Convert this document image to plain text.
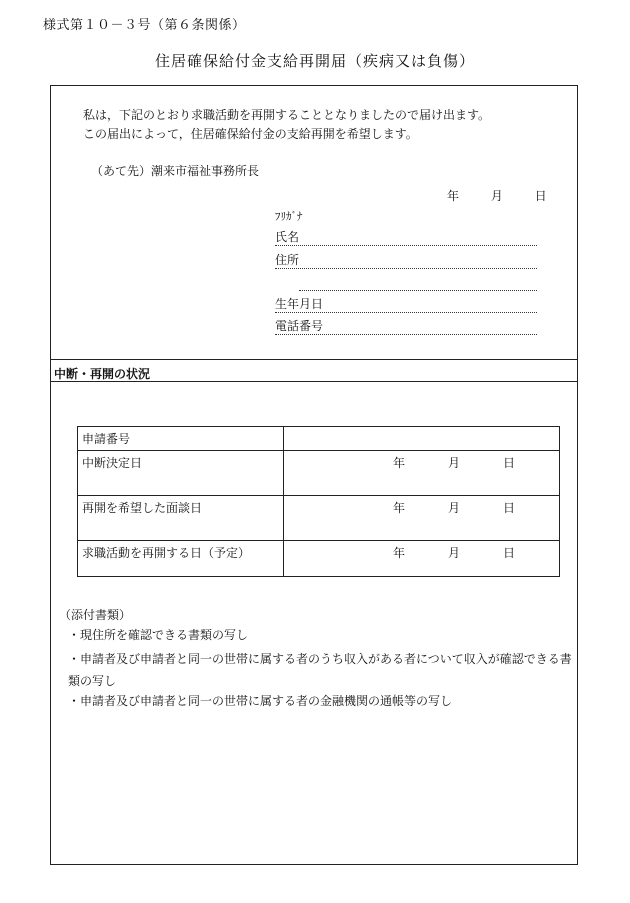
様式第１０－３号（第６条関係）
住居確保給付金支給再開届（疾病又は負傷）
私は，下記のとおり求職活動を再開することとなりましたので届け出ます。
この届出によって，住居確保給付金の支給再開を希望します。
（あて先）潮来市福祉事務所長
年	月	日
ﾌﾘｶﾞﾅ
氏名
住所
生年月日
電話番号
中断・再開の状況
申請番号	
中断決定日	年 月 日

再開を希望した面談日	年 月 日

求職活動を再開する日（予定）	年 月 日
（添付書類）
・現住所を確認できる書類の写し
・申請者及び申請者と同一の世帯に属する者のうち収入がある者について収入が確認できる書類の写し
・申請者及び申請者と同一の世帯に属する者の金融機関の通帳等の写し
